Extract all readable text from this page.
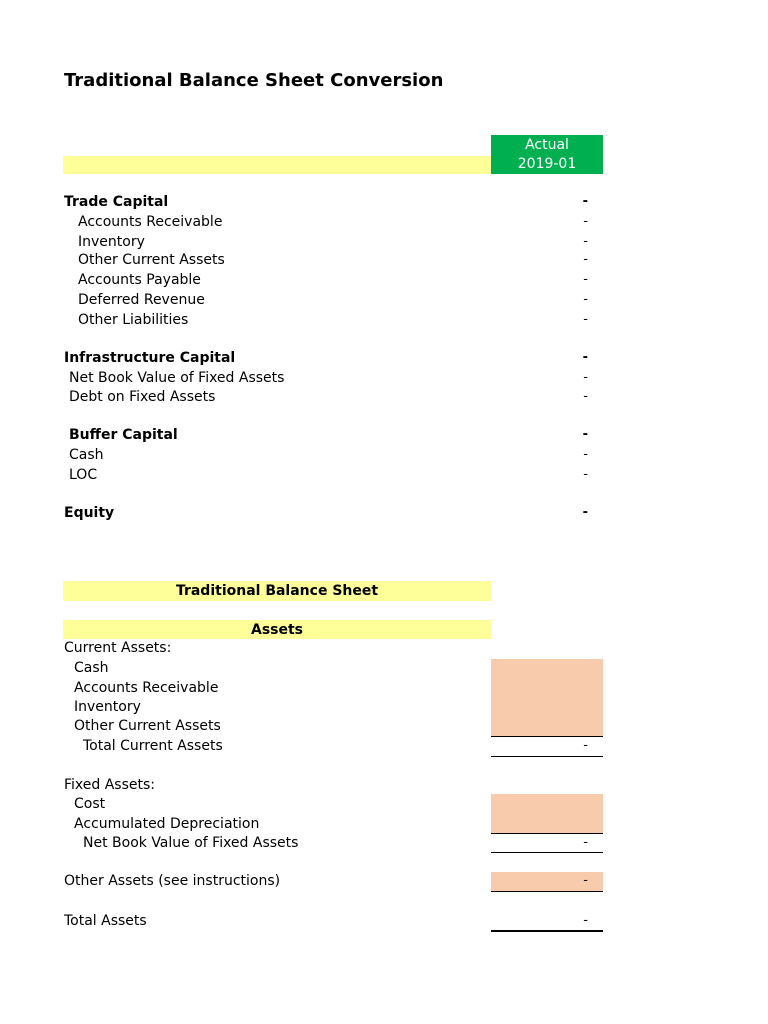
Traditional Balance Sheet Conversion
Actual
2019-01
Trade Capital	-
Accounts Receivable	-
Inventory	-
Other Current Assets	-
Accounts Payable	-
Deferred Revenue	-
Other Liabilities	-
Infrastructure Capital	-
Net Book Value of Fixed Assets	-
Debt on Fixed Assets	-
Buffer Capital	-
Cash	-
LOC	-
Equity	-
Traditional Balance Sheet
Assets
Current Assets:
Cash
Accounts Receivable
Inventory
Other Current Assets
Total Current Assets	-
Fixed Assets:
Cost
Accumulated Depreciation
Net Book Value of Fixed Assets	-
Other Assets (see instructions)	-
Total Assets	-
